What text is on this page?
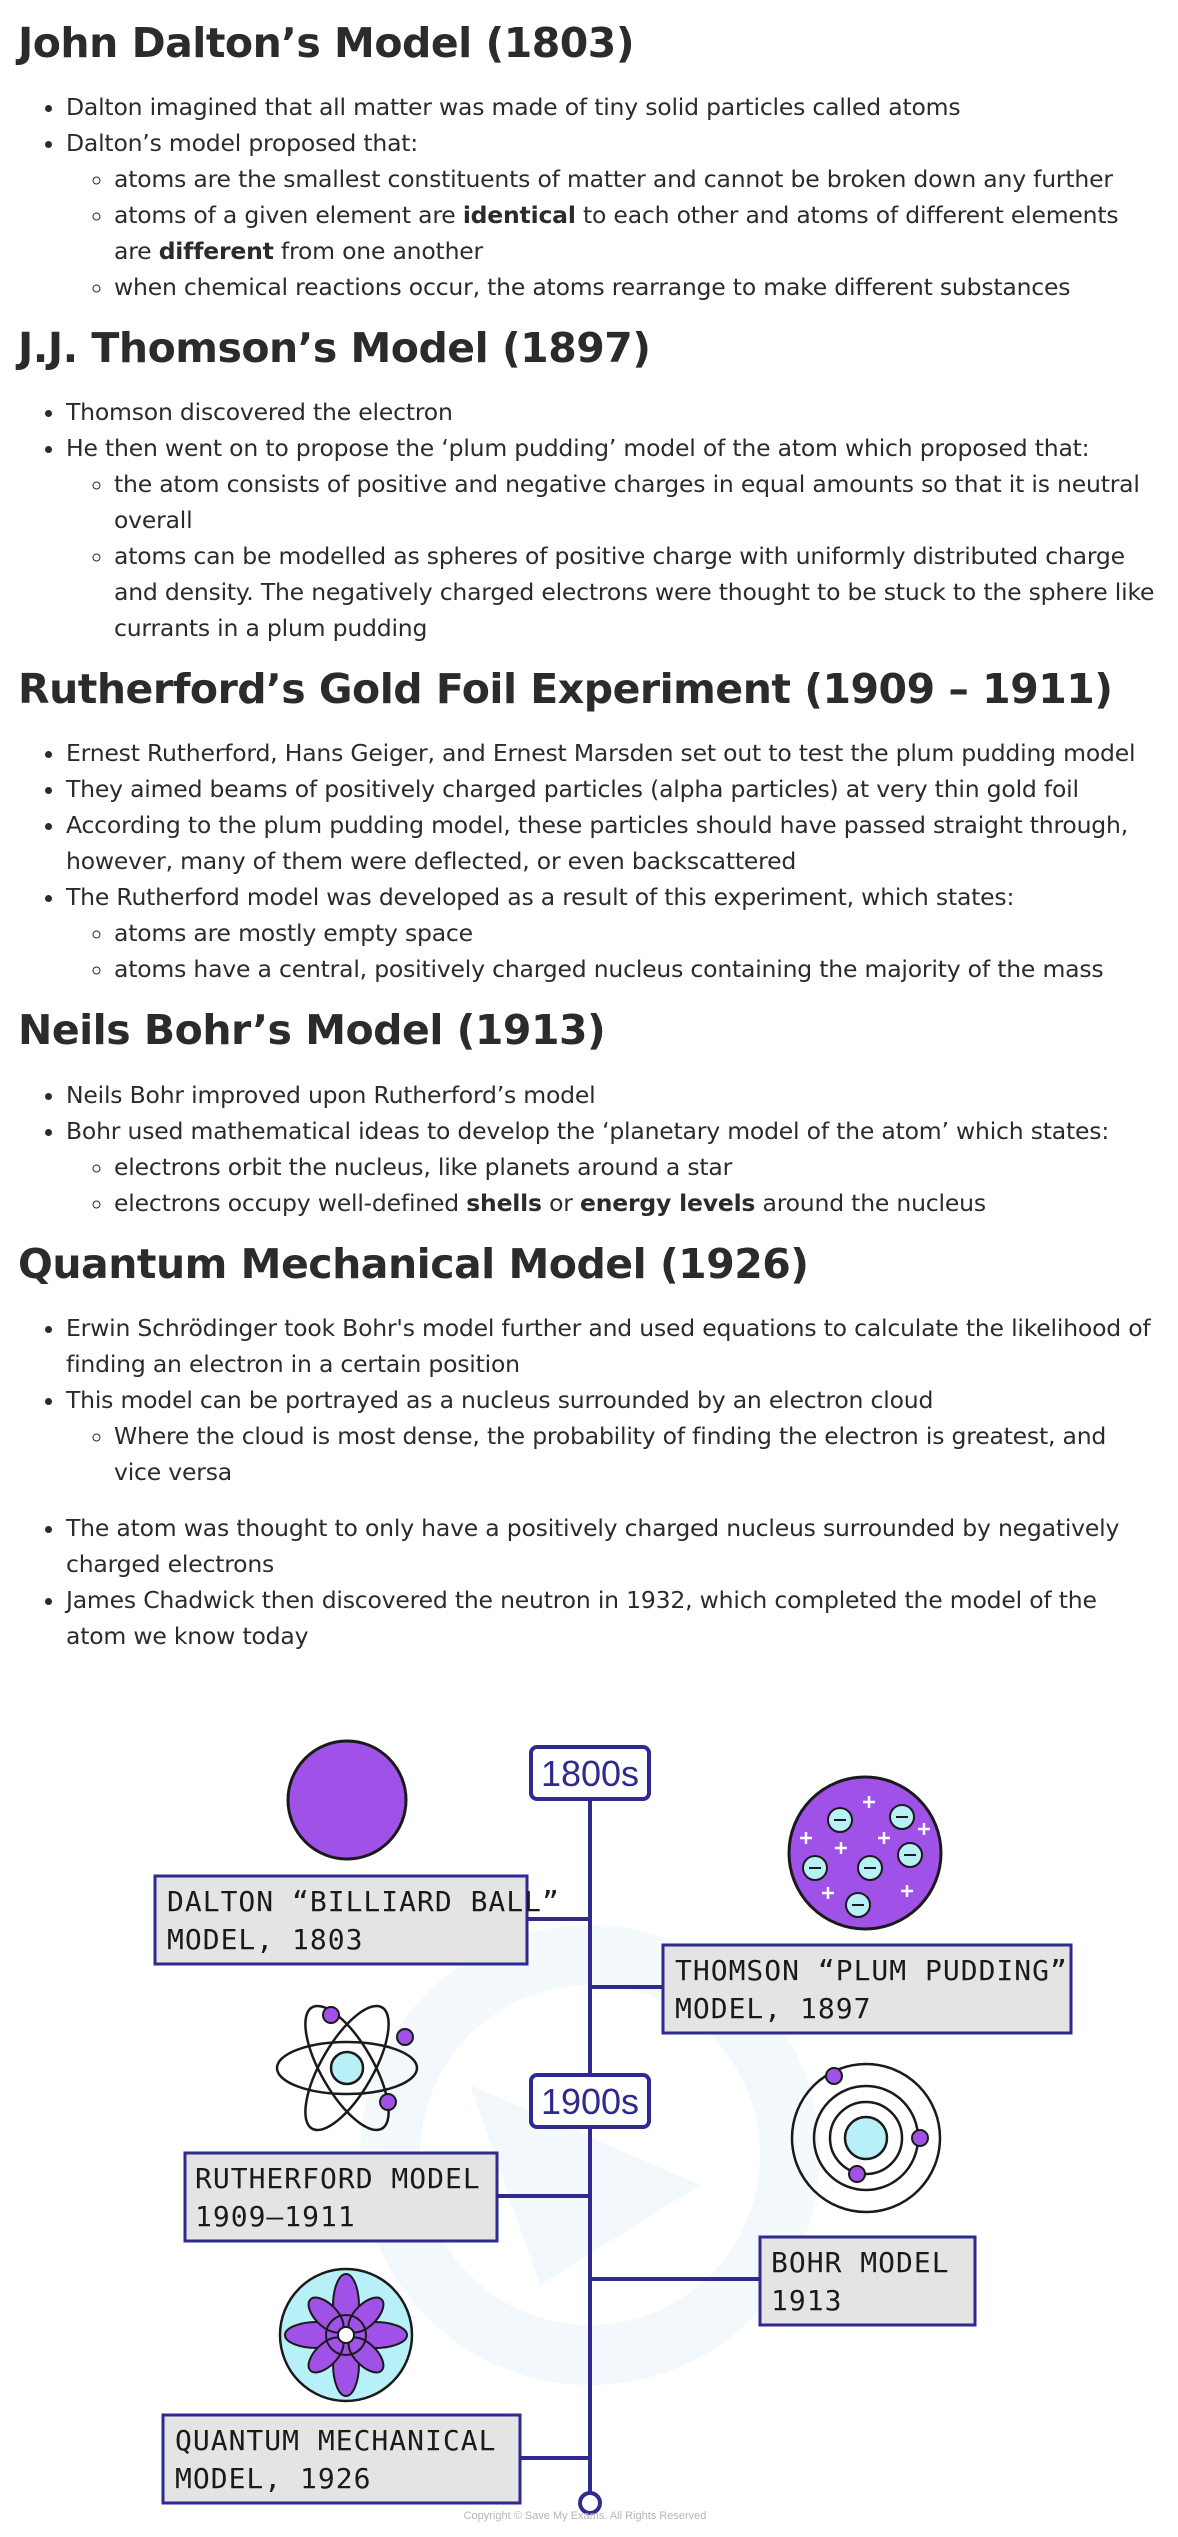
John Dalton’s Model (1803)
• Dalton imagined that all matter was made of tiny solid particles called atoms
• Dalton’s model proposed that:
◦ atoms are the smallest constituents of matter and cannot be broken down any further
◦ atoms of a given element are identical to each other and atoms of different elements are different from one another
◦ when chemical reactions occur, the atoms rearrange to make different substances
J.J. Thomson’s Model (1897)
• Thomson discovered the electron
• He then went on to propose the ‘plum pudding’ model of the atom which proposed that:
◦ the atom consists of positive and negative charges in equal amounts so that it is neutral overall
◦ atoms can be modelled as spheres of positive charge with uniformly distributed charge and density. The negatively charged electrons were thought to be stuck to the sphere like currants in a plum pudding
Rutherford’s Gold Foil Experiment (1909 – 1911)
• Ernest Rutherford, Hans Geiger, and Ernest Marsden set out to test the plum pudding model
• They aimed beams of positively charged particles (alpha particles) at very thin gold foil
• According to the plum pudding model, these particles should have passed straight through, however, many of them were deflected, or even backscattered
• The Rutherford model was developed as a result of this experiment, which states:
◦ atoms are mostly empty space
◦ atoms have a central, positively charged nucleus containing the majority of the mass
Neils Bohr’s Model (1913)
• Neils Bohr improved upon Rutherford’s model
• Bohr used mathematical ideas to develop the ‘planetary model of the atom’ which states:
◦ electrons orbit the nucleus, like planets around a star
◦ electrons occupy well-defined shells or energy levels around the nucleus
Quantum Mechanical Model (1926)
• Erwin Schrödinger took Bohr's model further and used equations to calculate the likelihood of finding an electron in a certain position
• This model can be portrayed as a nucleus surrounded by an electron cloud
◦ Where the cloud is most dense, the probability of finding the electron is greatest, and vice versa
• The atom was thought to only have a positively charged nucleus surrounded by negatively charged electrons
• James Chadwick then discovered the neutron in 1932, which completed the model of the atom we know today
1800s
1900s
DALTON “BILLIARD BALL”
MODEL, 1803
THOMSON “PLUM PUDDING”
MODEL, 1897
RUTHERFORD MODEL
1909–1911
BOHR MODEL
1913
QUANTUM MECHANICAL
MODEL, 1926
Copyright © Save My Exams. All Rights Reserved
